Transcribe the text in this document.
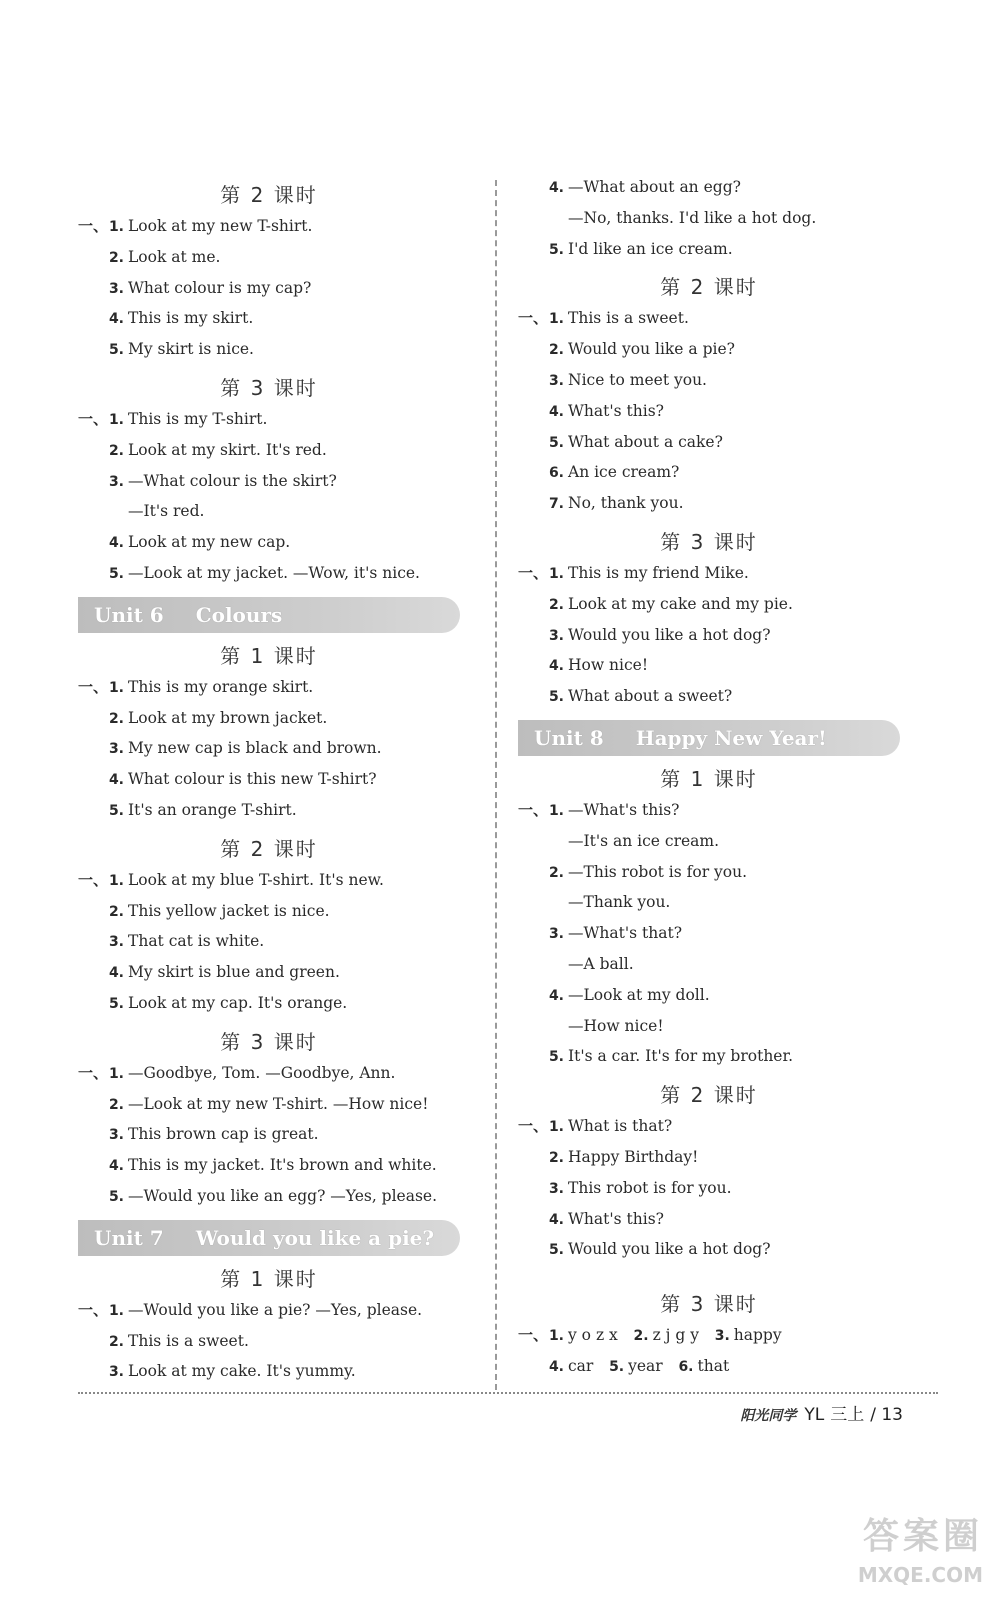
第 2 课时
一、1. Look at my new T-shirt.
2. Look at me.
3. What colour is my cap?
4. This is my skirt.
5. My skirt is nice.
第 3 课时
一、1. This is my T-shirt.
2. Look at my skirt. It's red.
3. —What colour is the skirt?
—It's red.
4. Look at my new cap.
5. —Look at my jacket. —Wow, it's nice.
Unit 6 Colours
第 1 课时
一、1. This is my orange skirt.
2. Look at my brown jacket.
3. My new cap is black and brown.
4. What colour is this new T-shirt?
5. It's an orange T-shirt.
第 2 课时
一、1. Look at my blue T-shirt. It's new.
2. This yellow jacket is nice.
3. That cat is white.
4. My skirt is blue and green.
5. Look at my cap. It's orange.
第 3 课时
一、1. —Goodbye, Tom. —Goodbye, Ann.
2. —Look at my new T-shirt. —How nice!
3. This brown cap is great.
4. This is my jacket. It's brown and white.
5. —Would you like an egg? —Yes, please.
Unit 7 Would you like a pie?
第 1 课时
一、1. —Would you like a pie? —Yes, please.
2. This is a sweet.
3. Look at my cake. It's yummy.
4. —What about an egg?
—No, thanks. I'd like a hot dog.
5. I'd like an ice cream.
第 2 课时
一、1. This is a sweet.
2. Would you like a pie?
3. Nice to meet you.
4. What's this?
5. What about a cake?
6. An ice cream?
7. No, thank you.
第 3 课时
一、1. This is my friend Mike.
2. Look at my cake and my pie.
3. Would you like a hot dog?
4. How nice!
5. What about a sweet?
Unit 8 Happy New Year!
第 1 课时
一、1. —What's this?
—It's an ice cream.
2. —This robot is for you.
—Thank you.
3. —What's that?
—A ball.
4. —Look at my doll.
—How nice!
5. It's a car. It's for my brother.
第 2 课时
一、1. What is that?
2. Happy Birthday!
3. This robot is for you.
4. What's this?
5. Would you like a hot dog?
第 3 课时
一、1. y o z x 2. z j g y 3. happy
4. car 5. year 6. that
阳光同学 YL 三上 / 13
答案圈
MXQE.COM
